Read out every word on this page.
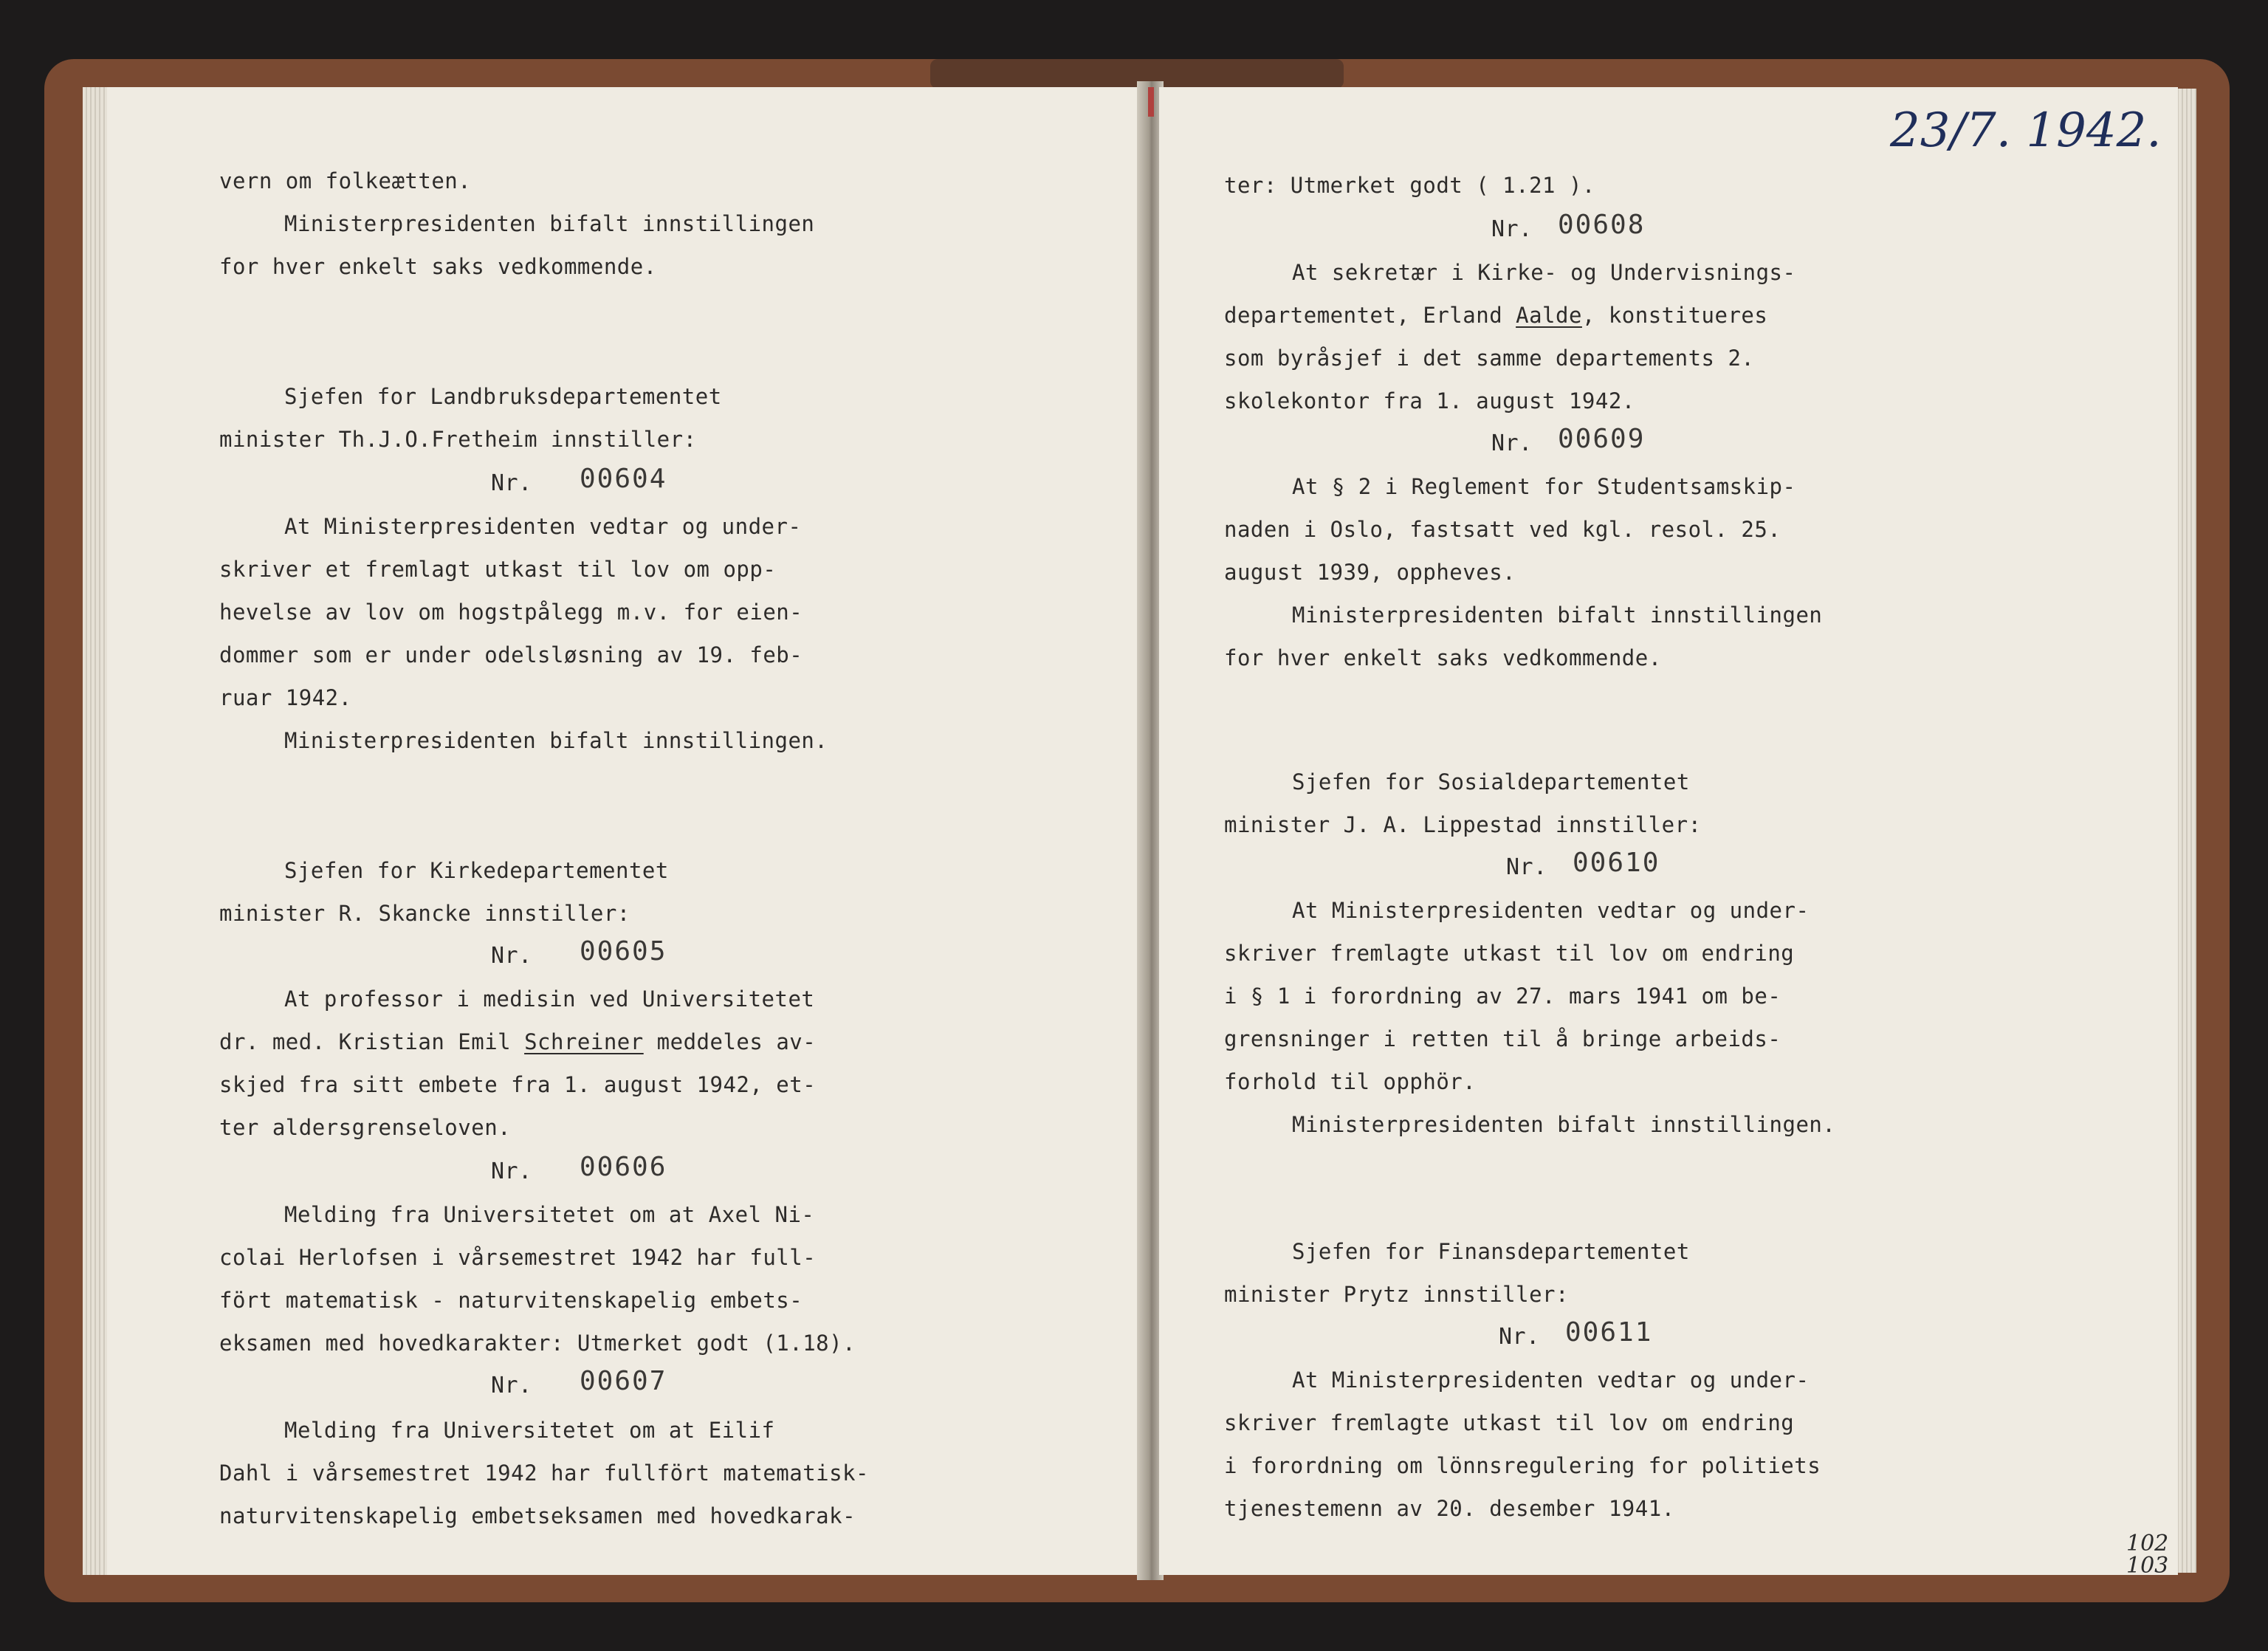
vern om folkeætten.
Ministerpresidenten bifalt innstillingen
for hver enkelt saks vedkommende.
Sjefen for Landbruksdepartementet
minister Th.J.O.Fretheim innstiller:
Nr. 00604
At Ministerpresidenten vedtar og under-
skriver et fremlagt utkast til lov om opp-
hevelse av lov om hogstpålegg m.v. for eien-
dommer som er under odelsløsning av 19. feb-
ruar 1942.
Ministerpresidenten bifalt innstillingen.
Sjefen for Kirkedepartementet
minister R. Skancke innstiller:
Nr. 00605
At professor i medisin ved Universitetet
dr. med. Kristian Emil Schreiner meddeles av-
skjed fra sitt embete fra 1. august 1942, et-
ter aldersgrenseloven.
Nr. 00606
Melding fra Universitetet om at Axel Ni-
colai Herlofsen i vårsemestret 1942 har full-
fört matematisk - naturvitenskapelig embets-
eksamen med hovedkarakter: Utmerket godt (1.18).
Nr. 00607
Melding fra Universitetet om at Eilif
Dahl i vårsemestret 1942 har fullfört matematisk-
naturvitenskapelig embetseksamen med hovedkarak-
23/7. 1942.
ter: Utmerket godt ( 1.21 ).
Nr. 00608
At sekretær i Kirke- og Undervisnings-
departementet, Erland Aalde, konstitueres
som byråsjef i det samme departements 2.
skolekontor fra 1. august 1942.
Nr. 00609
At § 2 i Reglement for Studentsamskip-
naden i Oslo, fastsatt ved kgl. resol. 25.
august 1939, oppheves.
Ministerpresidenten bifalt innstillingen
for hver enkelt saks vedkommende.
Sjefen for Sosialdepartementet
minister J. A. Lippestad innstiller:
Nr. 00610
At Ministerpresidenten vedtar og under-
skriver fremlagte utkast til lov om endring
i § 1 i forordning av 27. mars 1941 om be-
grensninger i retten til å bringe arbeids-
forhold til opphör.
Ministerpresidenten bifalt innstillingen.
Sjefen for Finansdepartementet
minister Prytz innstiller:
Nr. 00611
At Ministerpresidenten vedtar og under-
skriver fremlagte utkast til lov om endring
i forordning om lönnsregulering for politiets
tjenestemenn av 20. desember 1941.
102
103
